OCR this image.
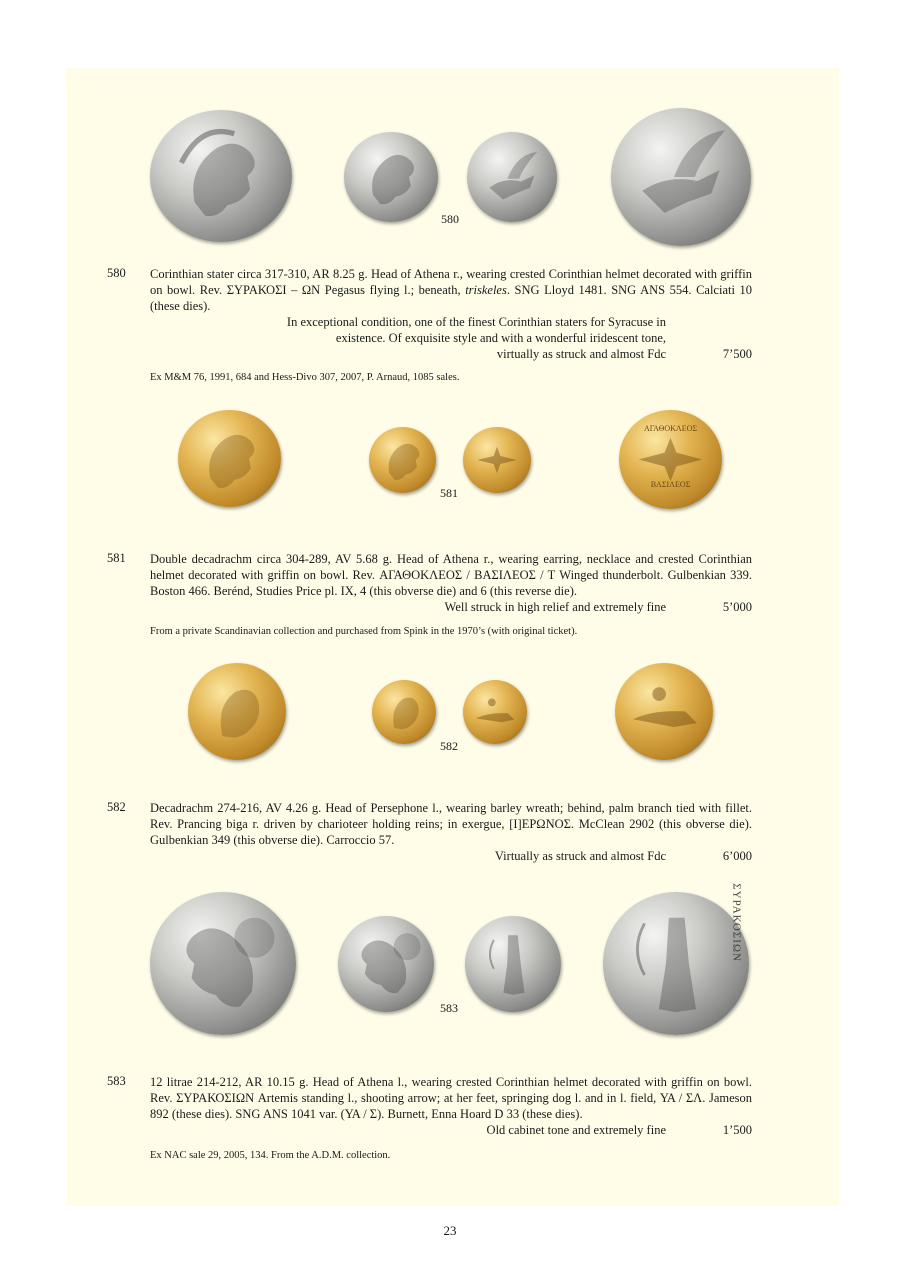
580
580 Corinthian stater circa 317-310, AR 8.25 g. Head of Athena r., wearing crested Corinthian helmet decorated with griffin on bowl. Rev. ΣΥΡΑΚΟΣΙ – ΩΝ Pegasus flying l.; beneath, triskeles. SNG Lloyd 1481. SNG ANS 554. Calciati 10 (these dies).

In exceptional condition, one of the finest Corinthian staters for Syracuse in

existence. Of exquisite style and with a wonderful iridescent tone,

virtually as struck and almost Fdc	7’500

Ex M&M 76, 1991, 684 and Hess-Divo 307, 2007, P. Arnaud, 1085 sales.
ΑΓΑΘΟΚΛΕΟΣ
ΒΑΣΙΛΕΟΣ
581
581 Double decadrachm circa 304-289, AV 5.68 g. Head of Athena r., wearing earring, necklace and crested Corinthian helmet decorated with griffin on bowl. Rev. ΑΓΑΘΟΚΛΕΟΣ / ΒΑΣΙΛΕΟΣ / Τ Winged thunderbolt. Gulbenkian 339. Boston 466. Berénd, Studies Price pl. IX, 4 (this obverse die) and 6 (this reverse die).

Well struck in high relief and extremely fine	5’000
From a private Scandinavian collection and purchased from Spink in the 1970’s (with original ticket).
582
582 Decadrachm 274-216, AV 4.26 g. Head of Persephone l., wearing barley wreath; behind, palm branch tied with fillet. Rev. Prancing biga r. driven by charioteer holding reins; in exergue, [Ι]ΕΡΩΝΟΣ. McClean 2902 (this obverse die). Gulbenkian 349 (this obverse die). Carroccio 57.

Virtually as struck and almost Fdc	6’000

ΣΥΡΑΚΟΣΙΩΝ
583
583 12 litrae 214-212, AR 10.15 g. Head of Athena l., wearing crested Corinthian helmet decorated with griffin on bowl. Rev. ΣΥΡΑΚΟΣΙΩΝ Artemis standing l., shooting arrow; at her feet, springing dog l. and in l. field, ΥΑ / ΣΛ. Jameson 892 (these dies). SNG ANS 1041 var. (ΥΑ / Σ). Burnett, Enna Hoard D 33 (these dies).

Old cabinet tone and extremely fine	1’500
Ex NAC sale 29, 2005, 134. From the A.D.M. collection.
23
